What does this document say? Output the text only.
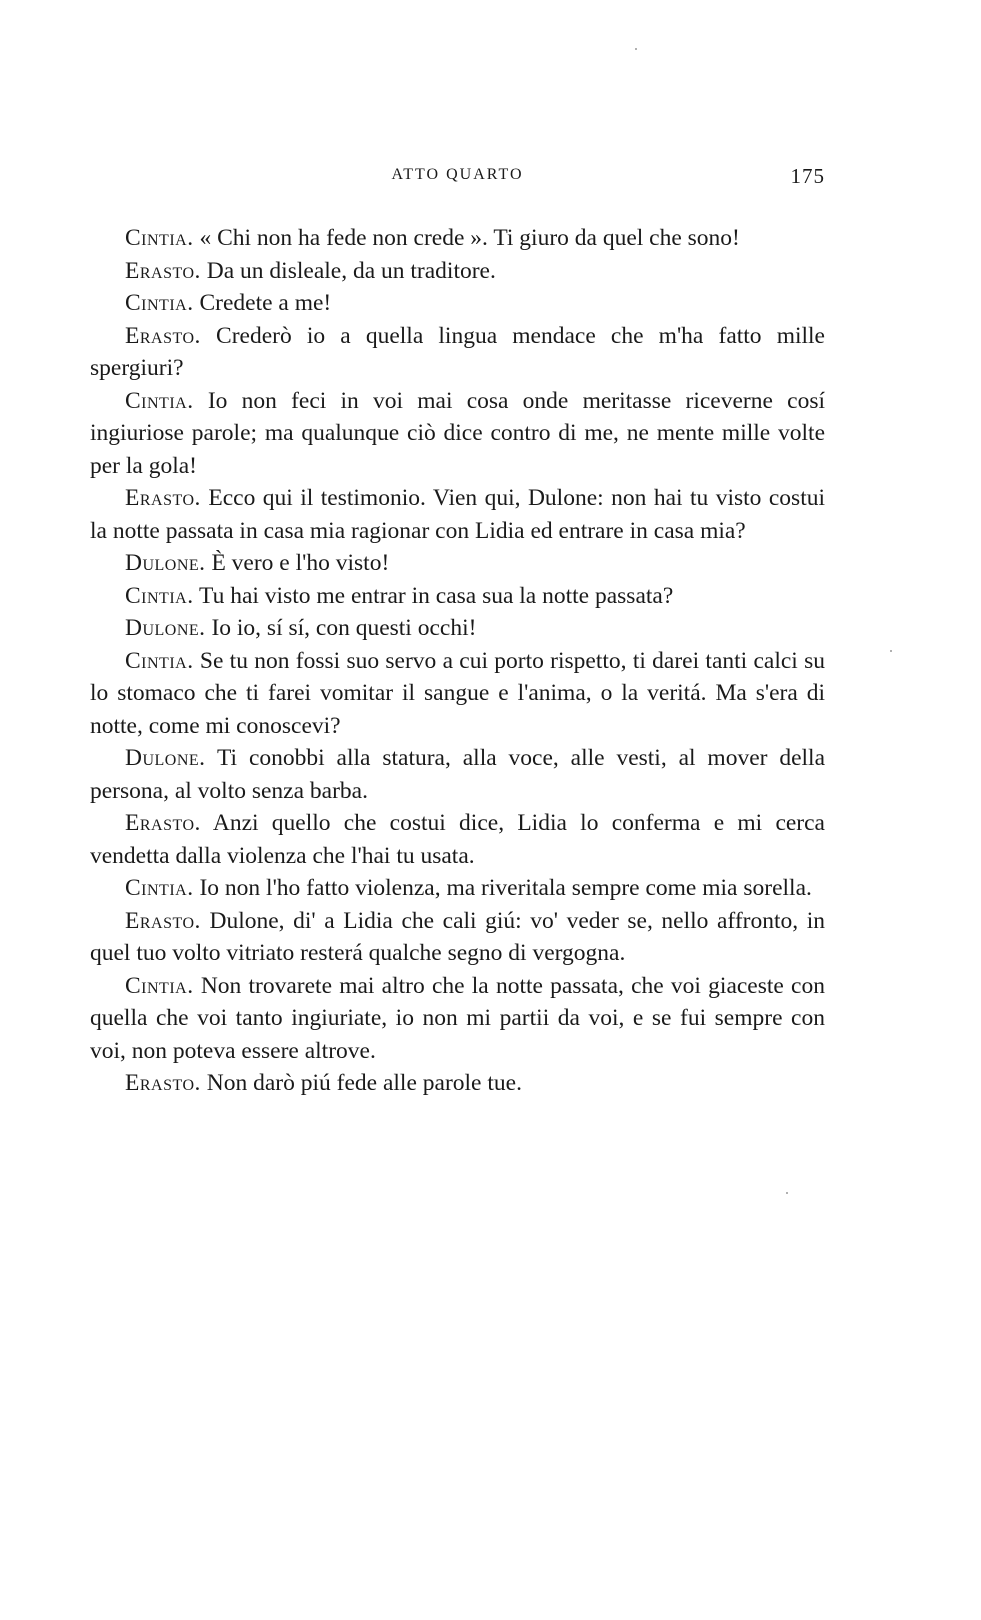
ATTO QUARTO	175

Cintia. « Chi non ha fede non crede ». Ti giuro da quel che sono!

Erasto. Da un disleale, da un traditore.

Cintia. Credete a me!

Erasto. Crederò io a quella lingua mendace che m'ha fatto mille spergiuri?

Cintia. Io non feci in voi mai cosa onde meritasse riceverne cosí ingiuriose parole; ma qualunque ciò dice contro di me, ne mente mille volte per la gola!

Erasto. Ecco qui il testimonio. Vien qui, Dulone: non hai tu visto costui la notte passata in casa mia ragionar con Lidia ed entrare in casa mia?

Dulone. È vero e l'ho visto!

Cintia. Tu hai visto me entrar in casa sua la notte passata?

Dulone. Io io, sí sí, con questi occhi!

Cintia. Se tu non fossi suo servo a cui porto rispetto, ti darei tanti calci su lo stomaco che ti farei vomitar il sangue e l'anima, o la veritá. Ma s'era di notte, come mi conoscevi?

Dulone. Ti conobbi alla statura, alla voce, alle vesti, al mover della persona, al volto senza barba.

Erasto. Anzi quello che costui dice, Lidia lo conferma e mi cerca vendetta dalla violenza che l'hai tu usata.

Cintia. Io non l'ho fatto violenza, ma riveritala sempre come mia sorella.

Erasto. Dulone, di' a Lidia che cali giú: vo' veder se, nello affronto, in quel tuo volto vitriato resterá qualche segno di vergogna.

Cintia. Non trovarete mai altro che la notte passata, che voi giaceste con quella che voi tanto ingiuriate, io non mi partii da voi, e se fui sempre con voi, non poteva essere altrove.

Erasto. Non darò piú fede alle parole tue.
